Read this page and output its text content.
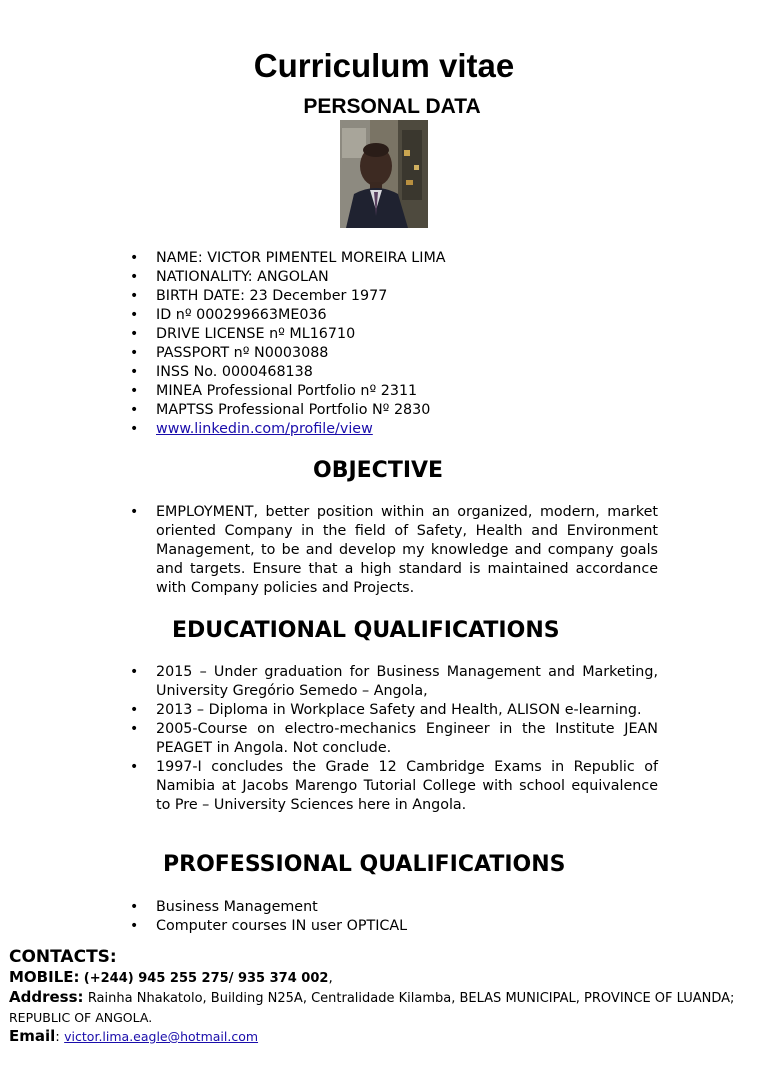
Curriculum vitae
PERSONAL DATA
• NAME: VICTOR PIMENTEL MOREIRA LIMA
• NATIONALITY: ANGOLAN
• BIRTH DATE: 23 December 1977
• ID nº 000299663ME036
• DRIVE LICENSE nº ML16710
• PASSPORT nº N0003088
• INSS No. 0000468138
• MINEA Professional Portfolio nº 2311
• MAPTSS Professional Portfolio Nº 2830
• www.linkedin.com/profile/view
OBJECTIVE
• EMPLOYMENT, better position within an organized, modern, market oriented Company in the field of Safety, Health and Environment Management, to be and develop my knowledge and company goals and targets. Ensure that a high standard is maintained accordance with Company policies and Projects.
EDUCATIONAL QUALIFICATIONS
• 2015 – Under graduation for Business Management and Marketing, University Gregório Semedo – Angola,
• 2013 – Diploma in Workplace Safety and Health, ALISON e-learning.
• 2005-Course on electro-mechanics Engineer in the Institute JEAN PEAGET in Angola. Not conclude.
• 1997-I concludes the Grade 12 Cambridge Exams in Republic of Namibia at Jacobs Marengo Tutorial College with school equivalence to Pre – University Sciences here in Angola.
PROFESSIONAL QUALIFICATIONS
• Business Management
• Computer courses IN user OPTICAL
CONTACTS:
MOBILE: (+244) 945 255 275/ 935 374 002,
Address: Rainha Nhakatolo, Building N25A, Centralidade Kilamba, BELAS MUNICIPAL, PROVINCE OF LUANDA;
REPUBLIC OF ANGOLA.
Email: victor.lima.eagle@hotmail.com
